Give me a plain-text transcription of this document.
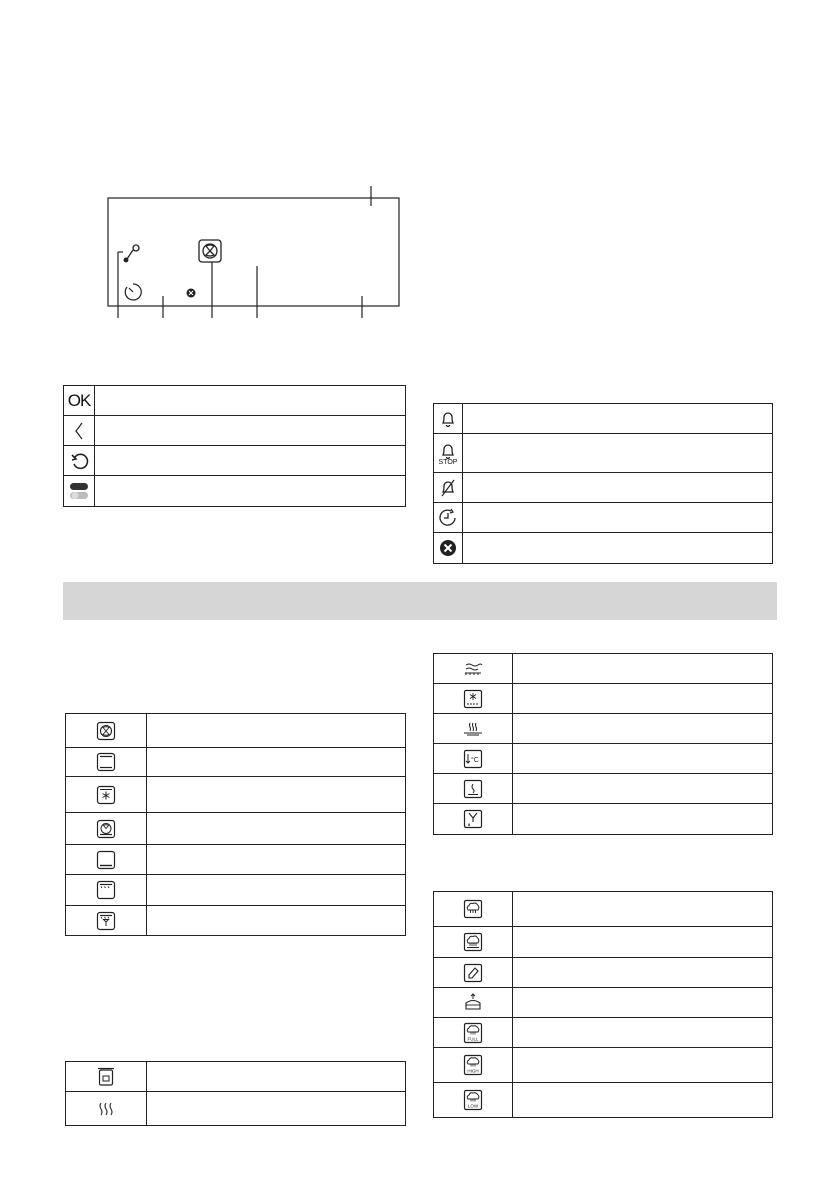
OK
STOP
°C
FULL
HIGH
LOW
